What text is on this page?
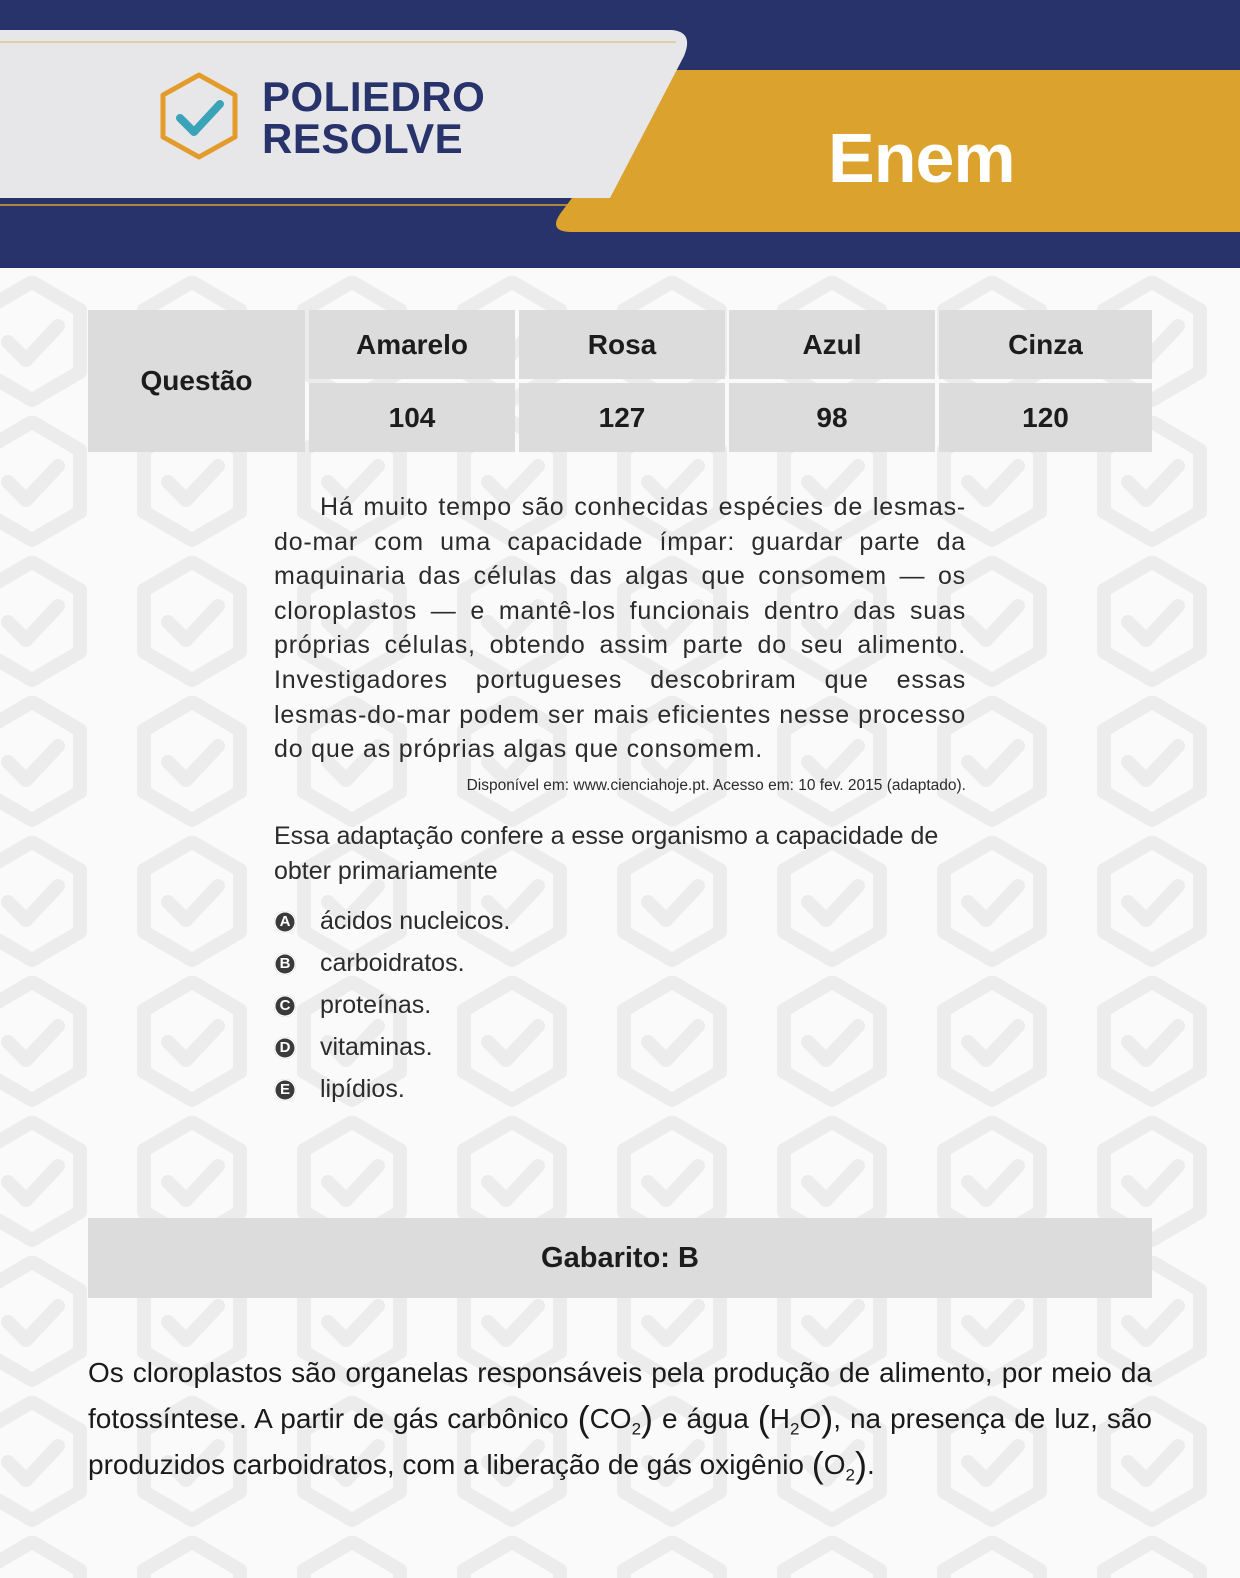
POLIEDRO
RESOLVE	Enem
Questão
Amarelo	Rosa	Azul	Cinza
104	127	98	120

Há muito tempo são conhecidas espécies de lesmas-do-mar com uma capacidade ímpar: guardar parte da maquinaria das células das algas que consomem — os cloroplastos — e mantê-los funcionais dentro das suas próprias células, obtendo assim parte do seu alimento. Investigadores portugueses descobriram que essas lesmas-do-mar podem ser mais eficientes nesse processo do que as próprias algas que consomem.

Disponível em: www.cienciahoje.pt. Acesso em: 10 fev. 2015 (adaptado).

Essa adaptação confere a esse organismo a capacidade de obter primariamente

A ácidos nucleicos.
B carboidratos.
C proteínas.
D vitaminas.
E lipídios.
Gabarito: B

Os cloroplastos são organelas responsáveis pela produção de alimento, por meio da fotossíntese. A partir de gás carbônico $(CO_2)$ e água $(H_2O)$, na presença de luz, são produzidos carboidratos, com a liberação de gás oxigênio $(O_2)$.
